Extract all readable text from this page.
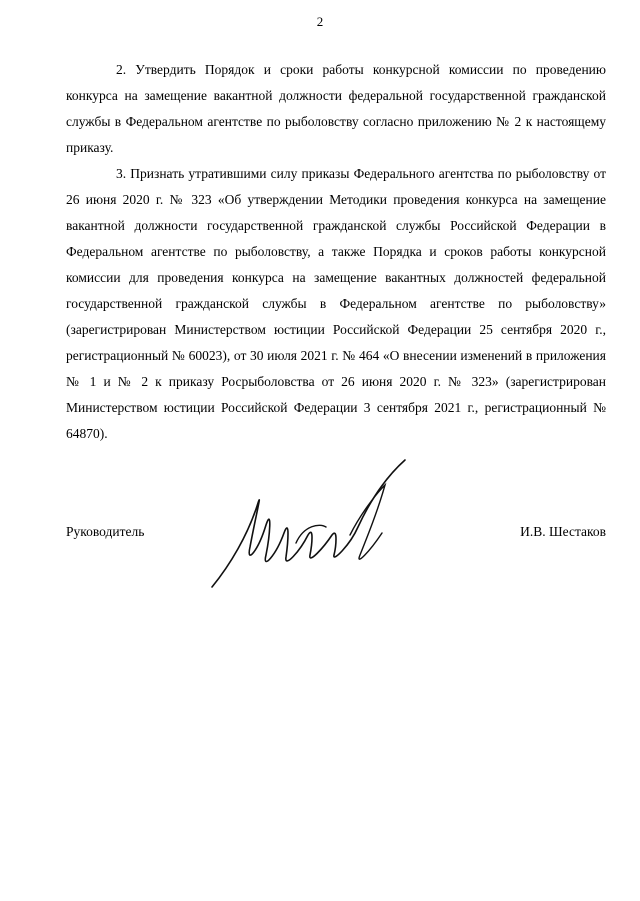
2

2. Утвердить Порядок и сроки работы конкурсной комиссии по проведению конкурса на замещение вакантной должности федеральной государственной гражданской службы в Федеральном агентстве по рыболовству согласно приложению № 2 к настоящему приказу.

3. Признать утратившими силу приказы Федерального агентства по рыболовству от 26 июня 2020 г. № 323 «Об утверждении Методики проведения конкурса на замещение вакантной должности государственной гражданской службы Российской Федерации в Федеральном агентстве по рыболовству, а также Порядка и сроков работы конкурсной комиссии для проведения конкурса на замещение вакантных должностей федеральной государственной гражданской службы в Федеральном агентстве по рыболовству» (зарегистрирован Министерством юстиции Российской Федерации 25 сентября 2020 г., регистрационный № 60023), от 30 июля 2021 г. № 464 «О внесении изменений в приложения № 1 и № 2 к приказу Росрыболовства от 26 июня 2020 г. № 323» (зарегистрирован Министерством юстиции Российской Федерации 3 сентября 2021 г., регистрационный № 64870).

Руководитель	И.В. Шестаков
